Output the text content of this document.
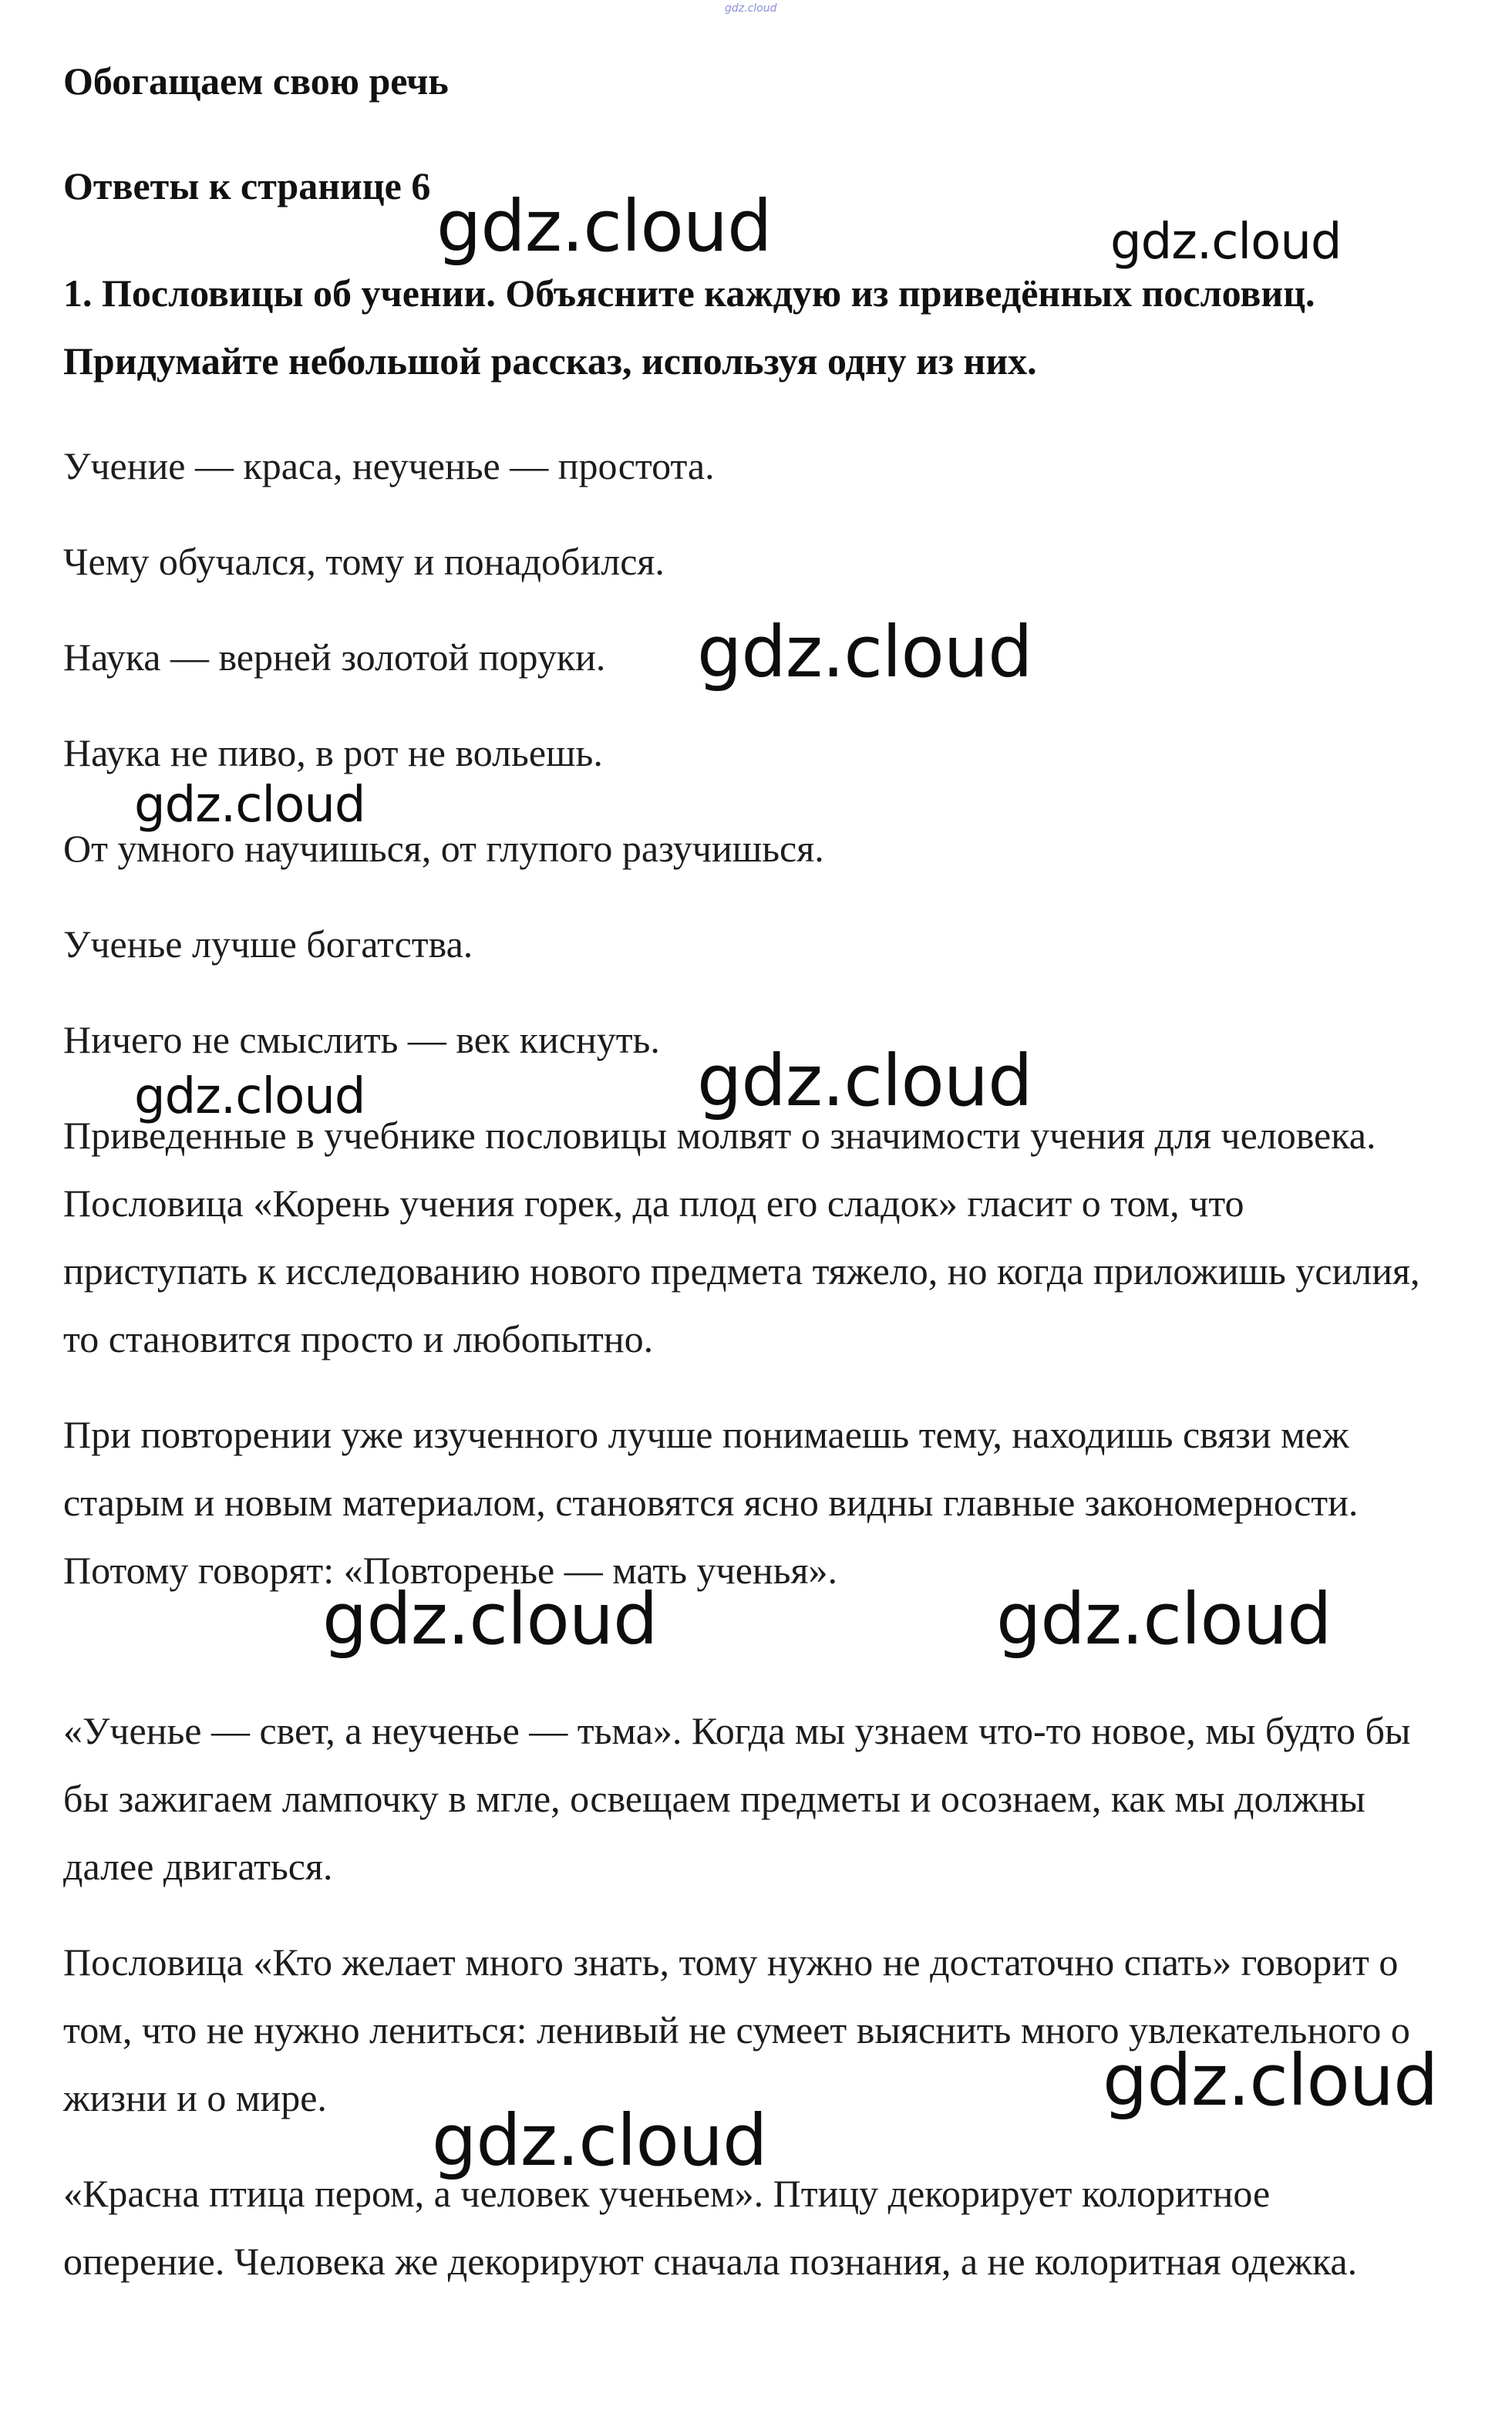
gdz.cloud
Обогащаем свою речь
Ответы к странице 6

1. Пословицы об учении. Объясните каждую из приведённых пословиц. Придумайте небольшой рассказ, используя одну из них.

Учение — краса, неученье — простота.

Чему обучался, тому и понадобился.

Наука — верней золотой поруки.

Наука не пиво, в рот не вольешь.

От умного научишься, от глупого разучишься.

Ученье лучше богатства.

Ничего не смыслить — век киснуть.

Приведенные в учебнике пословицы молвят о значимости учения для человека. Пословица «Корень учения горек, да плод его сладок» гласит о том, что приступать к исследованию нового предмета тяжело, но когда приложишь усилия, то становится просто и любопытно.

При повторении уже изученного лучше понимаешь тему, находишь связи меж старым и новым материалом, становятся ясно видны главные закономерности. Потому говорят: «Повторенье — мать ученья».

«Ученье — свет, а неученье — тьма». Когда мы узнаем что-то новое, мы будто бы бы зажигаем лампочку в мгле, освещаем предметы и осознаем, как мы должны далее двигаться.

Пословица «Кто желает много знать, тому нужно не достаточно спать» говорит о том, что не нужно лениться: ленивый не сумеет выяснить много увлекательного о жизни и о мире.

«Красна птица пером, а человек ученьем». Птицу декорирует колоритное оперение. Человека же декорируют сначала познания, а не колоритная одежка.

gdz.cloud	gdz.cloud
gdz.cloud
gdz.cloud
gdz.cloud
gdz.cloud
gdz.cloud	gdz.cloud
gdz.cloud
gdz.cloud
